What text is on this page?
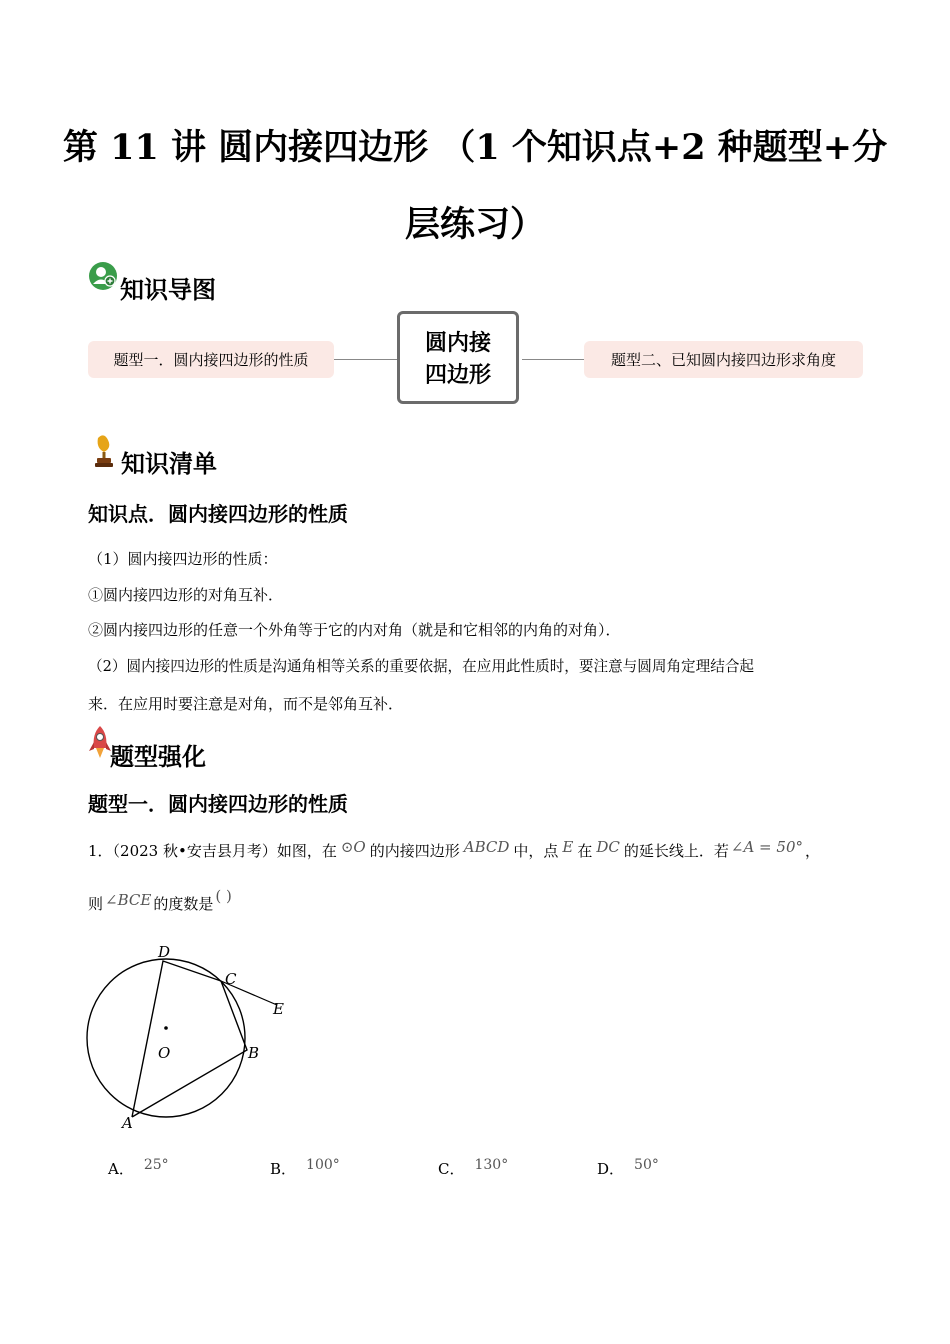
第 11 讲 圆内接四边形 （1 个知识点+2 种题型+分
层练习）
知识导图
题型一．圆内接四边形的性质
圆内接
四边形
题型二、已知圆内接四边形求角度
知识清单
知识点．圆内接四边形的性质
（1）圆内接四边形的性质：
①圆内接四边形的对角互补．
②圆内接四边形的任意一个外角等于它的内对角（就是和它相邻的内角的对角）．
（2）圆内接四边形的性质是沟通角相等关系的重要依据，在应用此性质时，要注意与圆周角定理结合起
来．在应用时要注意是对角，而不是邻角互补．
题型强化
题型一．圆内接四边形的性质
1．（2023 秋•安吉县月考）如图，在 ⊙O 的内接四边形 ABCD 中，点 E 在 DC 的延长线上．若 ∠A = 50° ，
则 ∠BCE 的度数是 ( )
D
C
E
O	B
A
A． 25°	B． 100°	C． 130°	D． 50°
